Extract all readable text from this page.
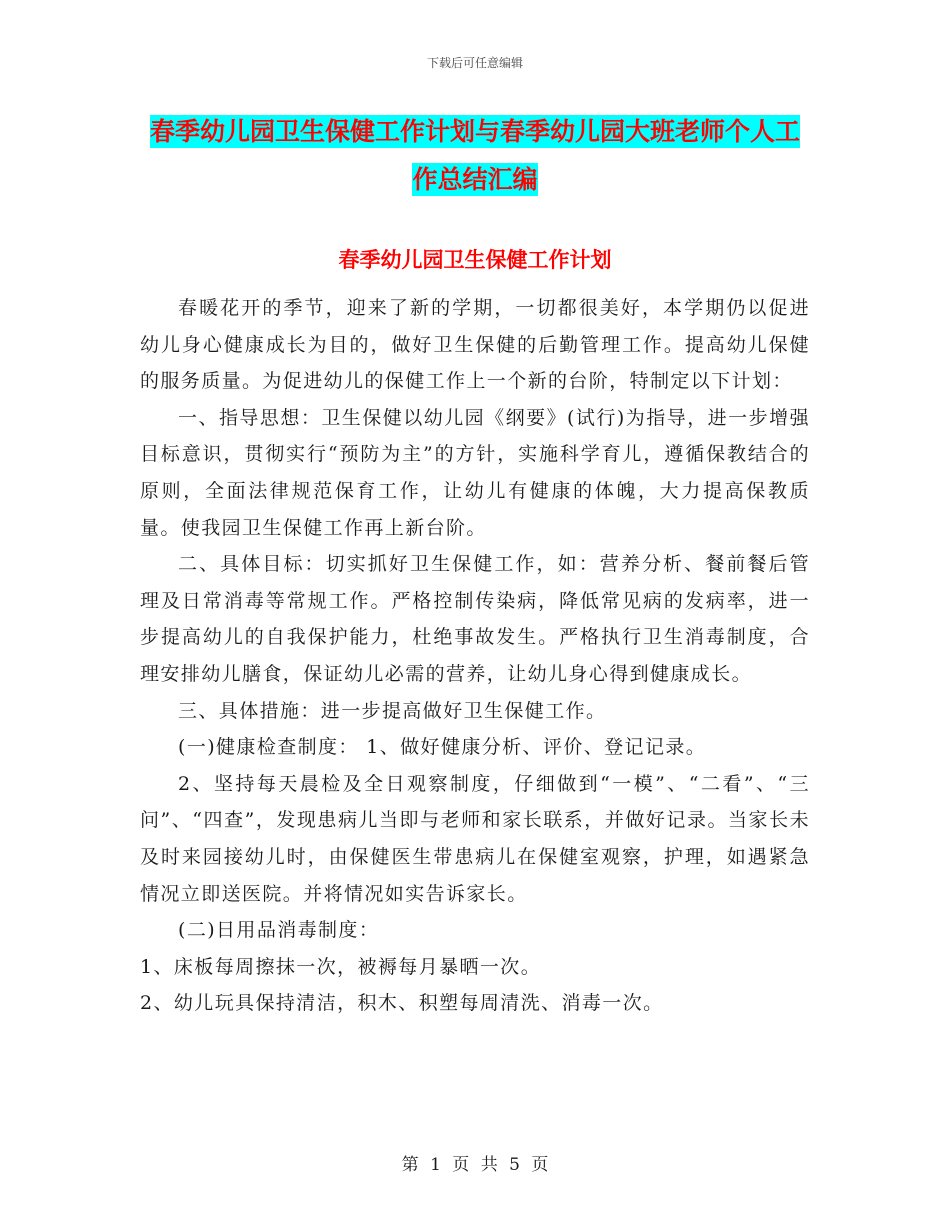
下载后可任意编辑
春季幼儿园卫生保健工作计划与春季幼儿园大班老师个人工作总结汇编
春季幼儿园卫生保健工作计划

春暖花开的季节，迎来了新的学期，一切都很美好，本学期仍以促进幼儿身心健康成长为目的，做好卫生保健的后勤管理工作。提高幼儿保健的服务质量。为促进幼儿的保健工作上一个新的台阶，特制定以下计划：

一、指导思想：卫生保健以幼儿园《纲要》(试行)为指导，进一步增强目标意识，贯彻实行“预防为主”的方针，实施科学育儿，遵循保教结合的原则，全面法律规范保育工作，让幼儿有健康的体魄，大力提高保教质量。使我园卫生保健工作再上新台阶。

二、具体目标：切实抓好卫生保健工作，如：营养分析、餐前餐后管理及日常消毒等常规工作。严格控制传染病，降低常见病的发病率，进一步提高幼儿的自我保护能力，杜绝事故发生。严格执行卫生消毒制度，合理安排幼儿膳食，保证幼儿必需的营养，让幼儿身心得到健康成长。

三、具体措施：进一步提高做好卫生保健工作。

(一)健康检查制度： 1、做好健康分析、评价、登记记录。

2、坚持每天晨检及全日观察制度，仔细做到“一模”、“二看”、“三问”、“四查”，发现患病儿当即与老师和家长联系，并做好记录。当家长未及时来园接幼儿时，由保健医生带患病儿在保健室观察，护理，如遇紧急情况立即送医院。并将情况如实告诉家长。

(二)日用品消毒制度：

1、床板每周擦抹一次，被褥每月暴晒一次。

2、幼儿玩具保持清洁，积木、积塑每周清洗、消毒一次。

第 1 页 共 5 页
